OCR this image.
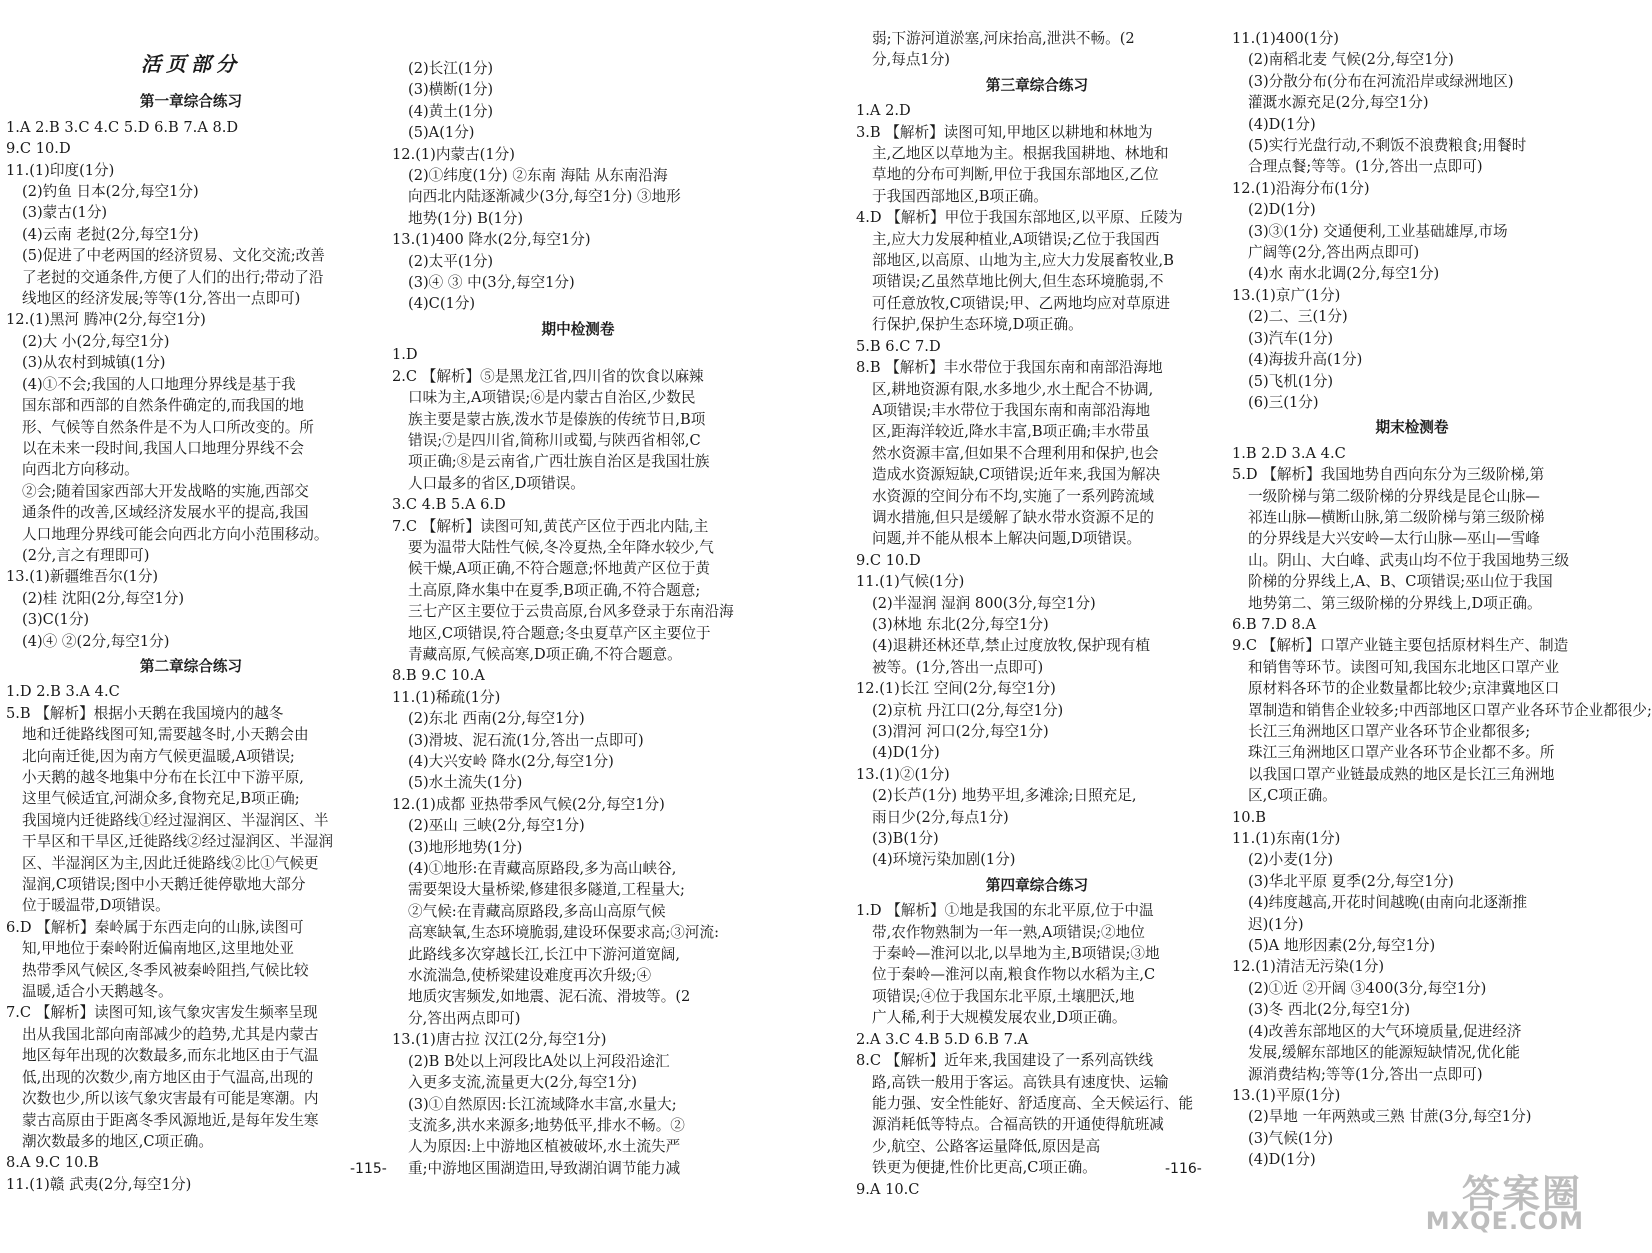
活页部分
第一章综合练习
1.A 2.B 3.C 4.C 5.D 6.B 7.A 8.D
9.C 10.D
11.(1)印度(1分)
(2)钓鱼 日本(2分,每空1分)
(3)蒙古(1分)
(4)云南 老挝(2分,每空1分)
(5)促进了中老两国的经济贸易、文化交流;改善
了老挝的交通条件,方便了人们的出行;带动了沿
线地区的经济发展;等等(1分,答出一点即可)
12.(1)黑河 腾冲(2分,每空1分)
(2)大 小(2分,每空1分)
(3)从农村到城镇(1分)
(4)①不会;我国的人口地理分界线是基于我
国东部和西部的自然条件确定的,而我国的地
形、气候等自然条件是不为人口所改变的。所
以在未来一段时间,我国人口地理分界线不会
向西北方向移动。
②会;随着国家西部大开发战略的实施,西部交
通条件的改善,区域经济发展水平的提高,我国
人口地理分界线可能会向西北方向小范围移动。
(2分,言之有理即可)
13.(1)新疆维吾尔(1分)
(2)桂 沈阳(2分,每空1分)
(3)C(1分)
(4)④ ②(2分,每空1分)
第二章综合练习
1.D 2.B 3.A 4.C
5.B 【解析】根据小天鹅在我国境内的越冬
地和迁徙路线图可知,需要越冬时,小天鹅会由
北向南迁徙,因为南方气候更温暖,A项错误;
小天鹅的越冬地集中分布在长江中下游平原,
这里气候适宜,河湖众多,食物充足,B项正确;
我国境内迁徙路线①经过湿润区、半湿润区、半
干旱区和干旱区,迁徙路线②经过湿润区、半湿润
区、半湿润区为主,因此迁徙路线②比①气候更
湿润,C项错误;图中小天鹅迁徙停歇地大部分
位于暖温带,D项错误。
6.D 【解析】秦岭属于东西走向的山脉,读图可
知,甲地位于秦岭附近偏南地区,这里地处亚
热带季风气候区,冬季风被秦岭阻挡,气候比较
温暖,适合小天鹅越冬。
7.C 【解析】读图可知,该气象灾害发生频率呈现
出从我国北部向南部减少的趋势,尤其是内蒙古
地区每年出现的次数最多,而东北地区由于气温
低,出现的次数少,南方地区由于气温高,出现的
次数也少,所以该气象灾害最有可能是寒潮。内
蒙古高原由于距离冬季风源地近,是每年发生寒
潮次数最多的地区,C项正确。
8.A 9.C 10.B
11.(1)赣 武夷(2分,每空1分)
(2)长江(1分)
(3)横断(1分)
(4)黄土(1分)
(5)A(1分)
12.(1)内蒙古(1分)
(2)①纬度(1分) ②东南 海陆 从东南沿海
向西北内陆逐渐减少(3分,每空1分) ③地形
地势(1分) B(1分)
13.(1)400 降水(2分,每空1分)
(2)太平(1分)
(3)④ ③ 中(3分,每空1分)
(4)C(1分)
期中检测卷
1.D
2.C 【解析】⑤是黑龙江省,四川省的饮食以麻辣
口味为主,A项错误;⑥是内蒙古自治区,少数民
族主要是蒙古族,泼水节是傣族的传统节日,B项
错误;⑦是四川省,简称川或蜀,与陕西省相邻,C
项正确;⑧是云南省,广西壮族自治区是我国壮族
人口最多的省区,D项错误。
3.C 4.B 5.A 6.D
7.C 【解析】读图可知,黄芪产区位于西北内陆,主
要为温带大陆性气候,冬冷夏热,全年降水较少,气
候干燥,A项正确,不符合题意;怀地黄产区位于黄
土高原,降水集中在夏季,B项正确,不符合题意;
三七产区主要位于云贵高原,台风多登录于东南沿海
地区,C项错误,符合题意;冬虫夏草产区主要位于
青藏高原,气候高寒,D项正确,不符合题意。
8.B 9.C 10.A
11.(1)稀疏(1分)
(2)东北 西南(2分,每空1分)
(3)滑坡、泥石流(1分,答出一点即可)
(4)大兴安岭 降水(2分,每空1分)
(5)水土流失(1分)
12.(1)成都 亚热带季风气候(2分,每空1分)
(2)巫山 三峡(2分,每空1分)
(3)地形地势(1分)
(4)①地形:在青藏高原路段,多为高山峡谷,
需要架设大量桥梁,修建很多隧道,工程量大;
②气候:在青藏高原路段,多高山高原气候
高寒缺氧,生态环境脆弱,建设环保要求高;③河流:
此路线多次穿越长江,长江中下游河道宽阔,
水流湍急,使桥梁建设难度再次升级;④
地质灾害频发,如地震、泥石流、滑坡等。(2
分,答出两点即可)
13.(1)唐古拉 汉江(2分,每空1分)
(2)B B处以上河段比A处以上河段沿途汇
入更多支流,流量更大(2分,每空1分)
(3)①自然原因:长江流域降水丰富,水量大;
支流多,洪水来源多;地势低平,排水不畅。②
人为原因:上中游地区植被破坏,水土流失严
重;中游地区围湖造田,导致湖泊调节能力减
-115-
弱;下游河道淤塞,河床抬高,泄洪不畅。(2
分,每点1分)
第三章综合练习
1.A 2.D
3.B 【解析】读图可知,甲地区以耕地和林地为
主,乙地区以草地为主。根据我国耕地、林地和
草地的分布可判断,甲位于我国东部地区,乙位
于我国西部地区,B项正确。
4.D 【解析】甲位于我国东部地区,以平原、丘陵为
主,应大力发展种植业,A项错误;乙位于我国西
部地区,以高原、山地为主,应大力发展畜牧业,B
项错误;乙虽然草地比例大,但生态环境脆弱,不
可任意放牧,C项错误;甲、乙两地均应对草原进
行保护,保护生态环境,D项正确。
5.B 6.C 7.D
8.B 【解析】丰水带位于我国东南和南部沿海地
区,耕地资源有限,水多地少,水土配合不协调,
A项错误;丰水带位于我国东南和南部沿海地
区,距海洋较近,降水丰富,B项正确;丰水带虽
然水资源丰富,但如果不合理利用和保护,也会
造成水资源短缺,C项错误;近年来,我国为解决
水资源的空间分布不均,实施了一系列跨流域
调水措施,但只是缓解了缺水带水资源不足的
问题,并不能从根本上解决问题,D项错误。
9.C 10.D
11.(1)气候(1分)
(2)半湿润 湿润 800(3分,每空1分)
(3)林地 东北(2分,每空1分)
(4)退耕还林还草,禁止过度放牧,保护现有植
被等。(1分,答出一点即可)
12.(1)长江 空间(2分,每空1分)
(2)京杭 丹江口(2分,每空1分)
(3)渭河 河口(2分,每空1分)
(4)D(1分)
13.(1)②(1分)
(2)长芦(1分) 地势平坦,多滩涂;日照充足,
雨日少(2分,每点1分)
(3)B(1分)
(4)环境污染加剧(1分)
第四章综合练习
1.D 【解析】①地是我国的东北平原,位于中温
带,农作物熟制为一年一熟,A项错误;②地位
于秦岭—淮河以北,以旱地为主,B项错误;③地
位于秦岭—淮河以南,粮食作物以水稻为主,C
项错误;④位于我国东北平原,土壤肥沃,地
广人稀,利于大规模发展农业,D项正确。
2.A 3.C 4.B 5.D 6.B 7.A
8.C 【解析】近年来,我国建设了一系列高铁线
路,高铁一般用于客运。高铁具有速度快、运输
能力强、安全性能好、舒适度高、全天候运行、能
源消耗低等特点。合福高铁的开通使得航班减
少,航空、公路客运量降低,原因是高
铁更为便捷,性价比更高,C项正确。
9.A 10.C
11.(1)400(1分)
(2)南稻北麦 气候(2分,每空1分)
(3)分散分布(分布在河流沿岸或绿洲地区)
灌溉水源充足(2分,每空1分)
(4)D(1分)
(5)实行光盘行动,不剩饭不浪费粮食;用餐时
合理点餐;等等。(1分,答出一点即可)
12.(1)沿海分布(1分)
(2)D(1分)
(3)③(1分) 交通便利,工业基础雄厚,市场
广阔等(2分,答出两点即可)
(4)水 南水北调(2分,每空1分)
13.(1)京广(1分)
(2)二、三(1分)
(3)汽车(1分)
(4)海拔升高(1分)
(5)飞机(1分)
(6)三(1分)
期末检测卷
1.B 2.D 3.A 4.C
5.D 【解析】我国地势自西向东分为三级阶梯,第
一级阶梯与第二级阶梯的分界线是昆仑山脉—
祁连山脉—横断山脉,第二级阶梯与第三级阶梯
的分界线是大兴安岭—太行山脉—巫山—雪峰
山。阴山、大白峰、武夷山均不位于我国地势三级
阶梯的分界线上,A、B、C项错误;巫山位于我国
地势第二、第三级阶梯的分界线上,D项正确。
6.B 7.D 8.A
9.C 【解析】口罩产业链主要包括原材料生产、制造
和销售等环节。读图可知,我国东北地区口罩产业
原材料各环节的企业数量都比较少;京津冀地区口
罩制造和销售企业较多;中西部地区口罩产业各环节企业都很少;
长江三角洲地区口罩产业各环节企业都很多;
珠江三角洲地区口罩产业各环节企业都不多。所
以我国口罩产业链最成熟的地区是长江三角洲地
区,C项正确。
10.B
11.(1)东南(1分)
(2)小麦(1分)
(3)华北平原 夏季(2分,每空1分)
(4)纬度越高,开花时间越晚(由南向北逐渐推
迟)(1分)
(5)A 地形因素(2分,每空1分)
12.(1)清洁无污染(1分)
(2)①近 ②开阔 ③400(3分,每空1分)
(3)冬 西北(2分,每空1分)
(4)改善东部地区的大气环境质量,促进经济
发展,缓解东部地区的能源短缺情况,优化能
源消费结构;等等(1分,答出一点即可)
13.(1)平原(1分)
(2)旱地 一年两熟或三熟 甘蔗(3分,每空1分)
(3)气候(1分)
(4)D(1分)
-116-
答案圈
MXQE.COM
